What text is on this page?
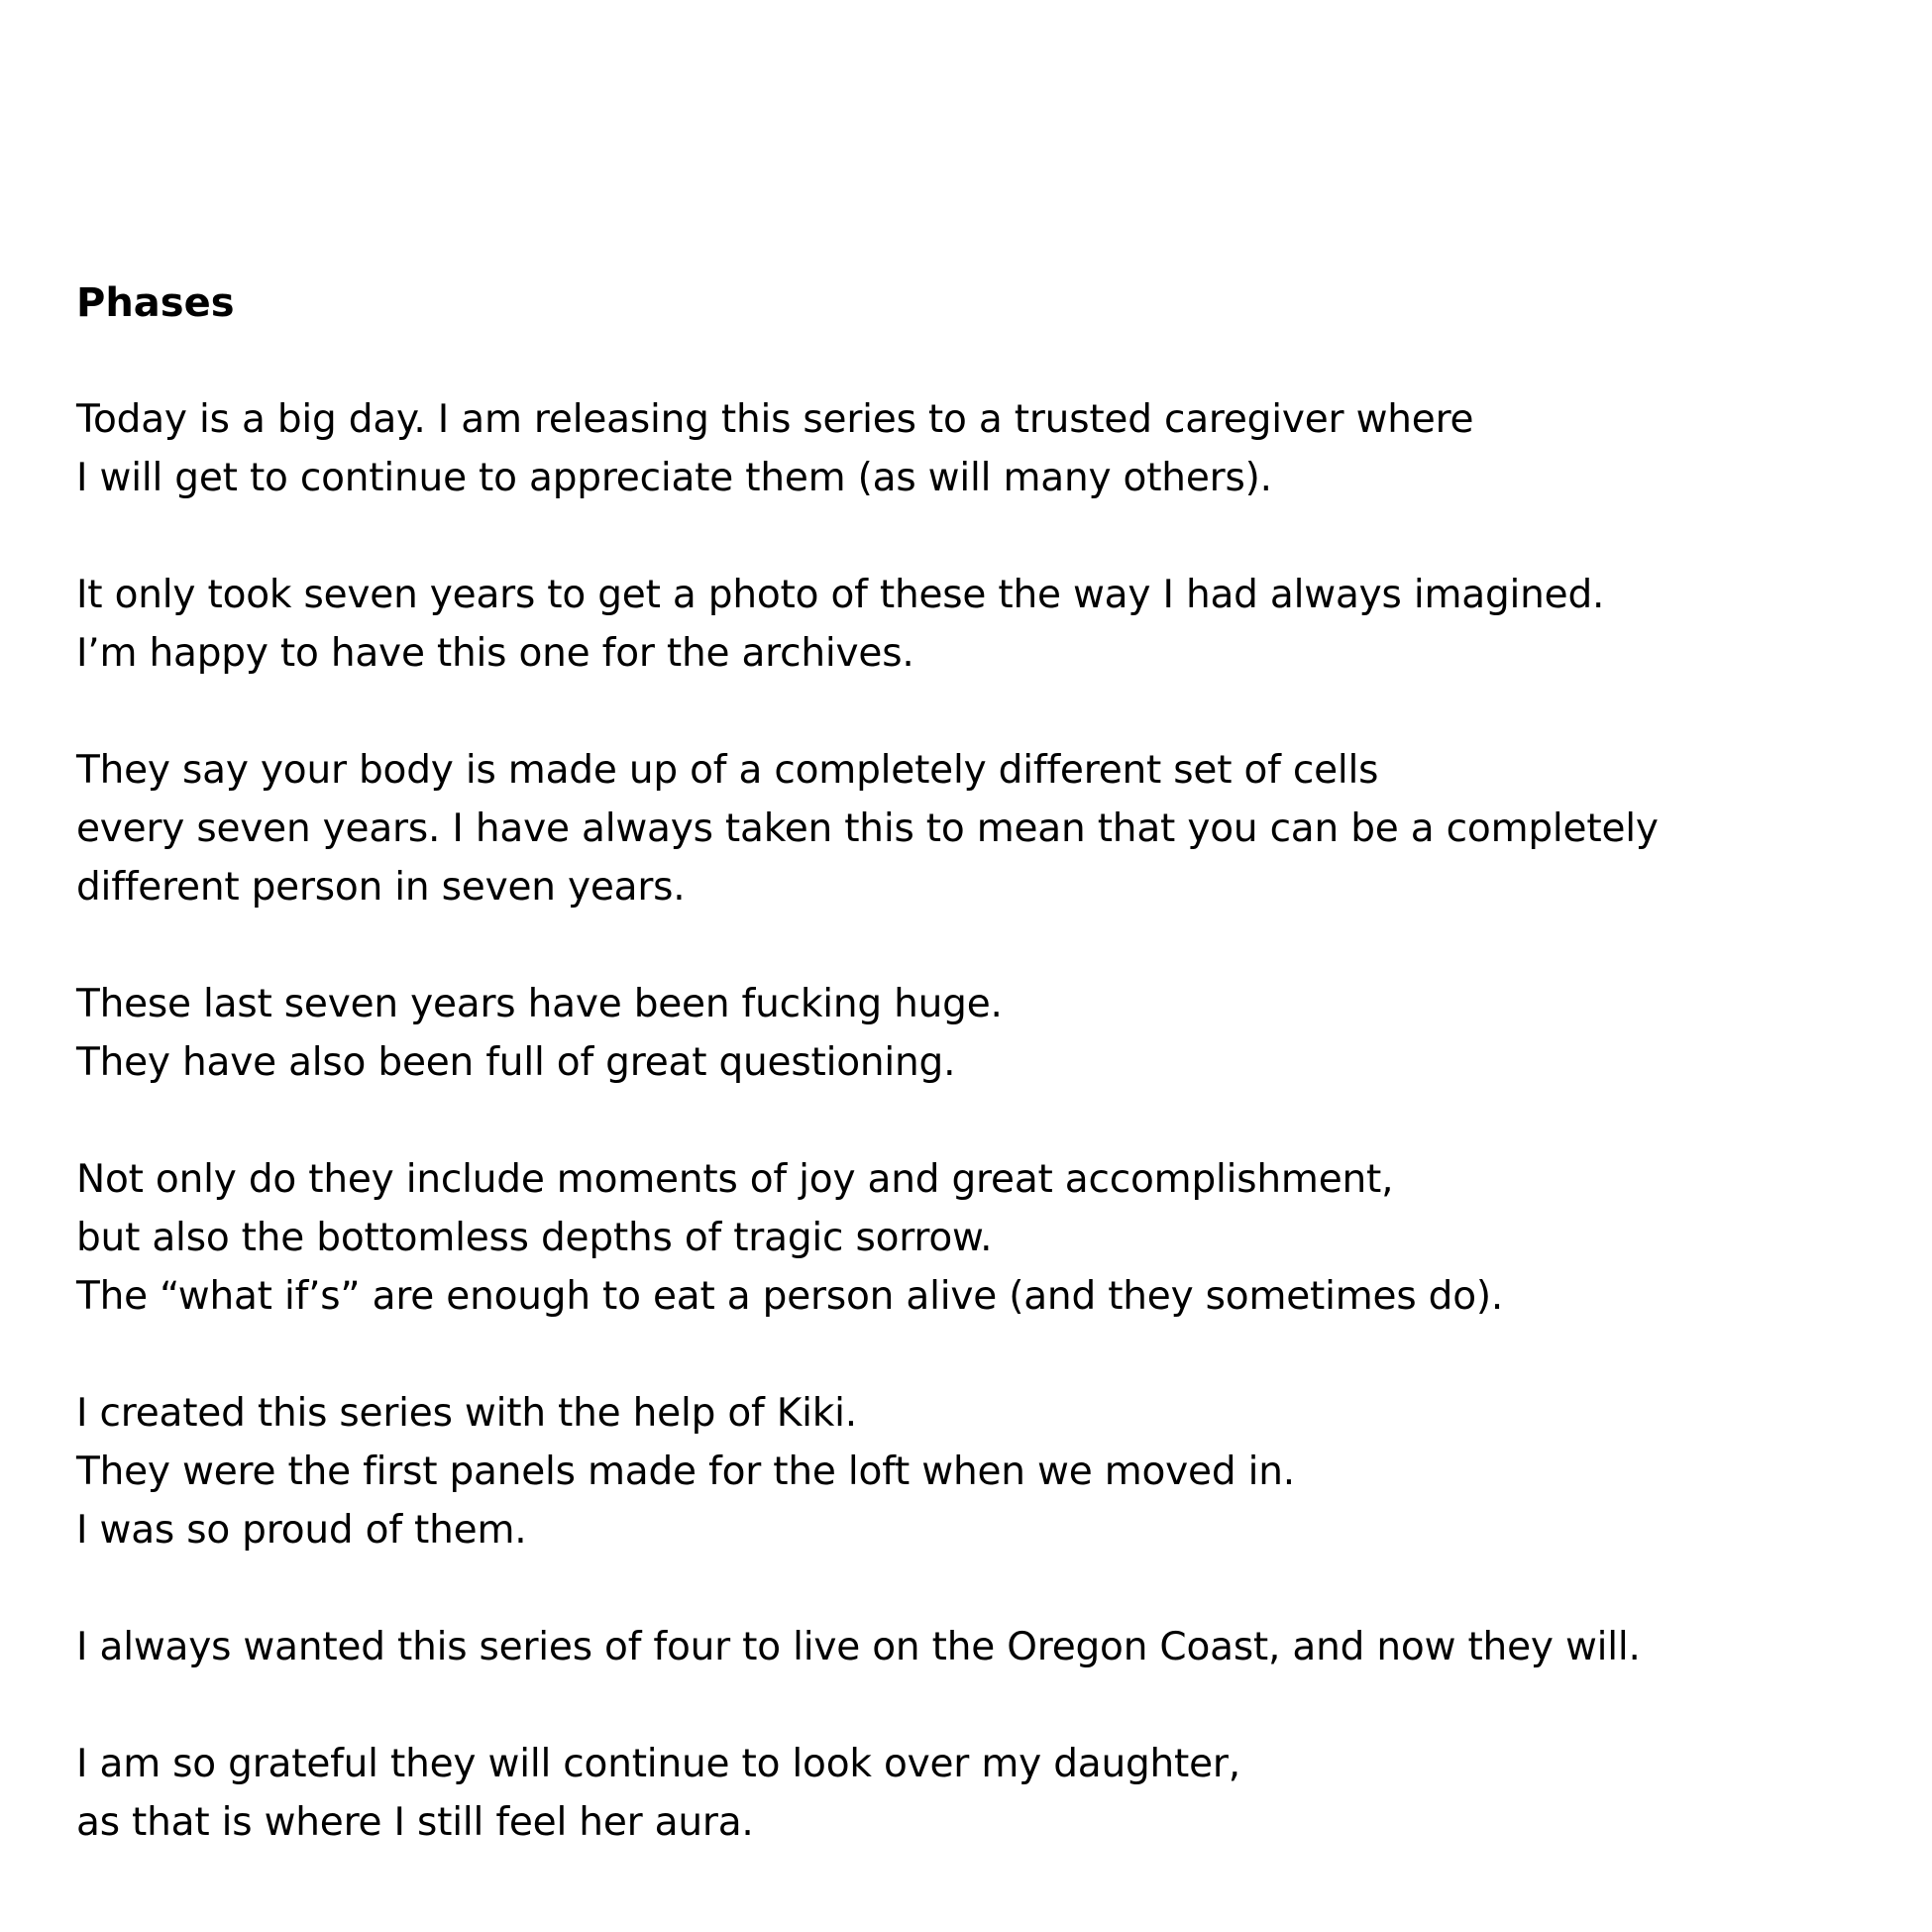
Phases
Today is a big day. I am releasing this series to a trusted caregiver where
I will get to continue to appreciate them (as will many others).
It only took seven years to get a photo of these the way I had always imagined.
I’m happy to have this one for the archives.
They say your body is made up of a completely different set of cells
every seven years. I have always taken this to mean that you can be a completely
different person in seven years.
These last seven years have been fucking huge.
They have also been full of great questioning.
Not only do they include moments of joy and great accomplishment,
but also the bottomless depths of tragic sorrow.
The “what if’s” are enough to eat a person alive (and they sometimes do).
I created this series with the help of Kiki.
They were the first panels made for the loft when we moved in.
I was so proud of them.
I always wanted this series of four to live on the Oregon Coast, and now they will.
I am so grateful they will continue to look over my daughter,
as that is where I still feel her aura.
